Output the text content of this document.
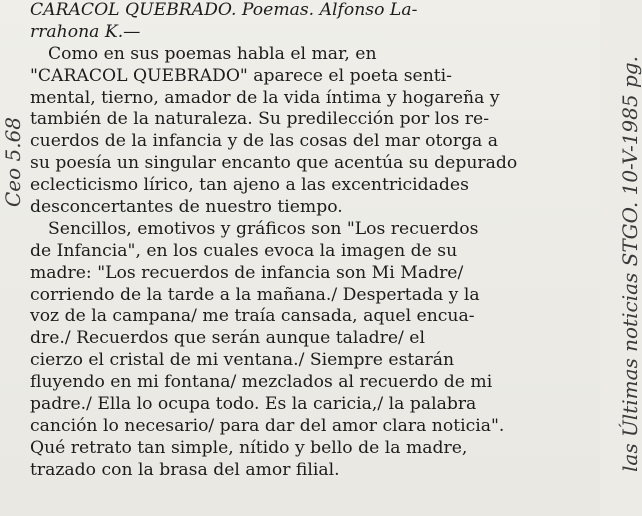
CARACOL QUEBRADO. Poemas. Alfonso La-
rrahona K.—
Como en sus poemas habla el mar, en
"CARACOL QUEBRADO" aparece el poeta senti-
mental, tierno, amador de la vida íntima y hogareña y
también de la naturaleza. Su predilección por los re-
cuerdos de la infancia y de las cosas del mar otorga a
su poesía un singular encanto que acentúa su depurado
eclecticismo lírico, tan ajeno a las excentricidades
desconcertantes de nuestro tiempo.
Sencillos, emotivos y gráficos son "Los recuerdos
de Infancia", en los cuales evoca la imagen de su
madre: "Los recuerdos de infancia son Mi Madre/
corriendo de la tarde a la mañana./ Despertada y la
voz de la campana/ me traía cansada, aquel encua-
dre./ Recuerdos que serán aunque taladre/ el
cierzo el cristal de mi ventana./ Siempre estarán
fluyendo en mi fontana/ mezclados al recuerdo de mi
padre./ Ella lo ocupa todo. Es la caricia,/ la palabra
canción lo necesario/ para dar del amor clara noticia".
Qué retrato tan simple, nítido y bello de la madre,
trazado con la brasa del amor filial.
Ceo 5.68	las Últimas noticias STGO. 10-V-1985 pg.
